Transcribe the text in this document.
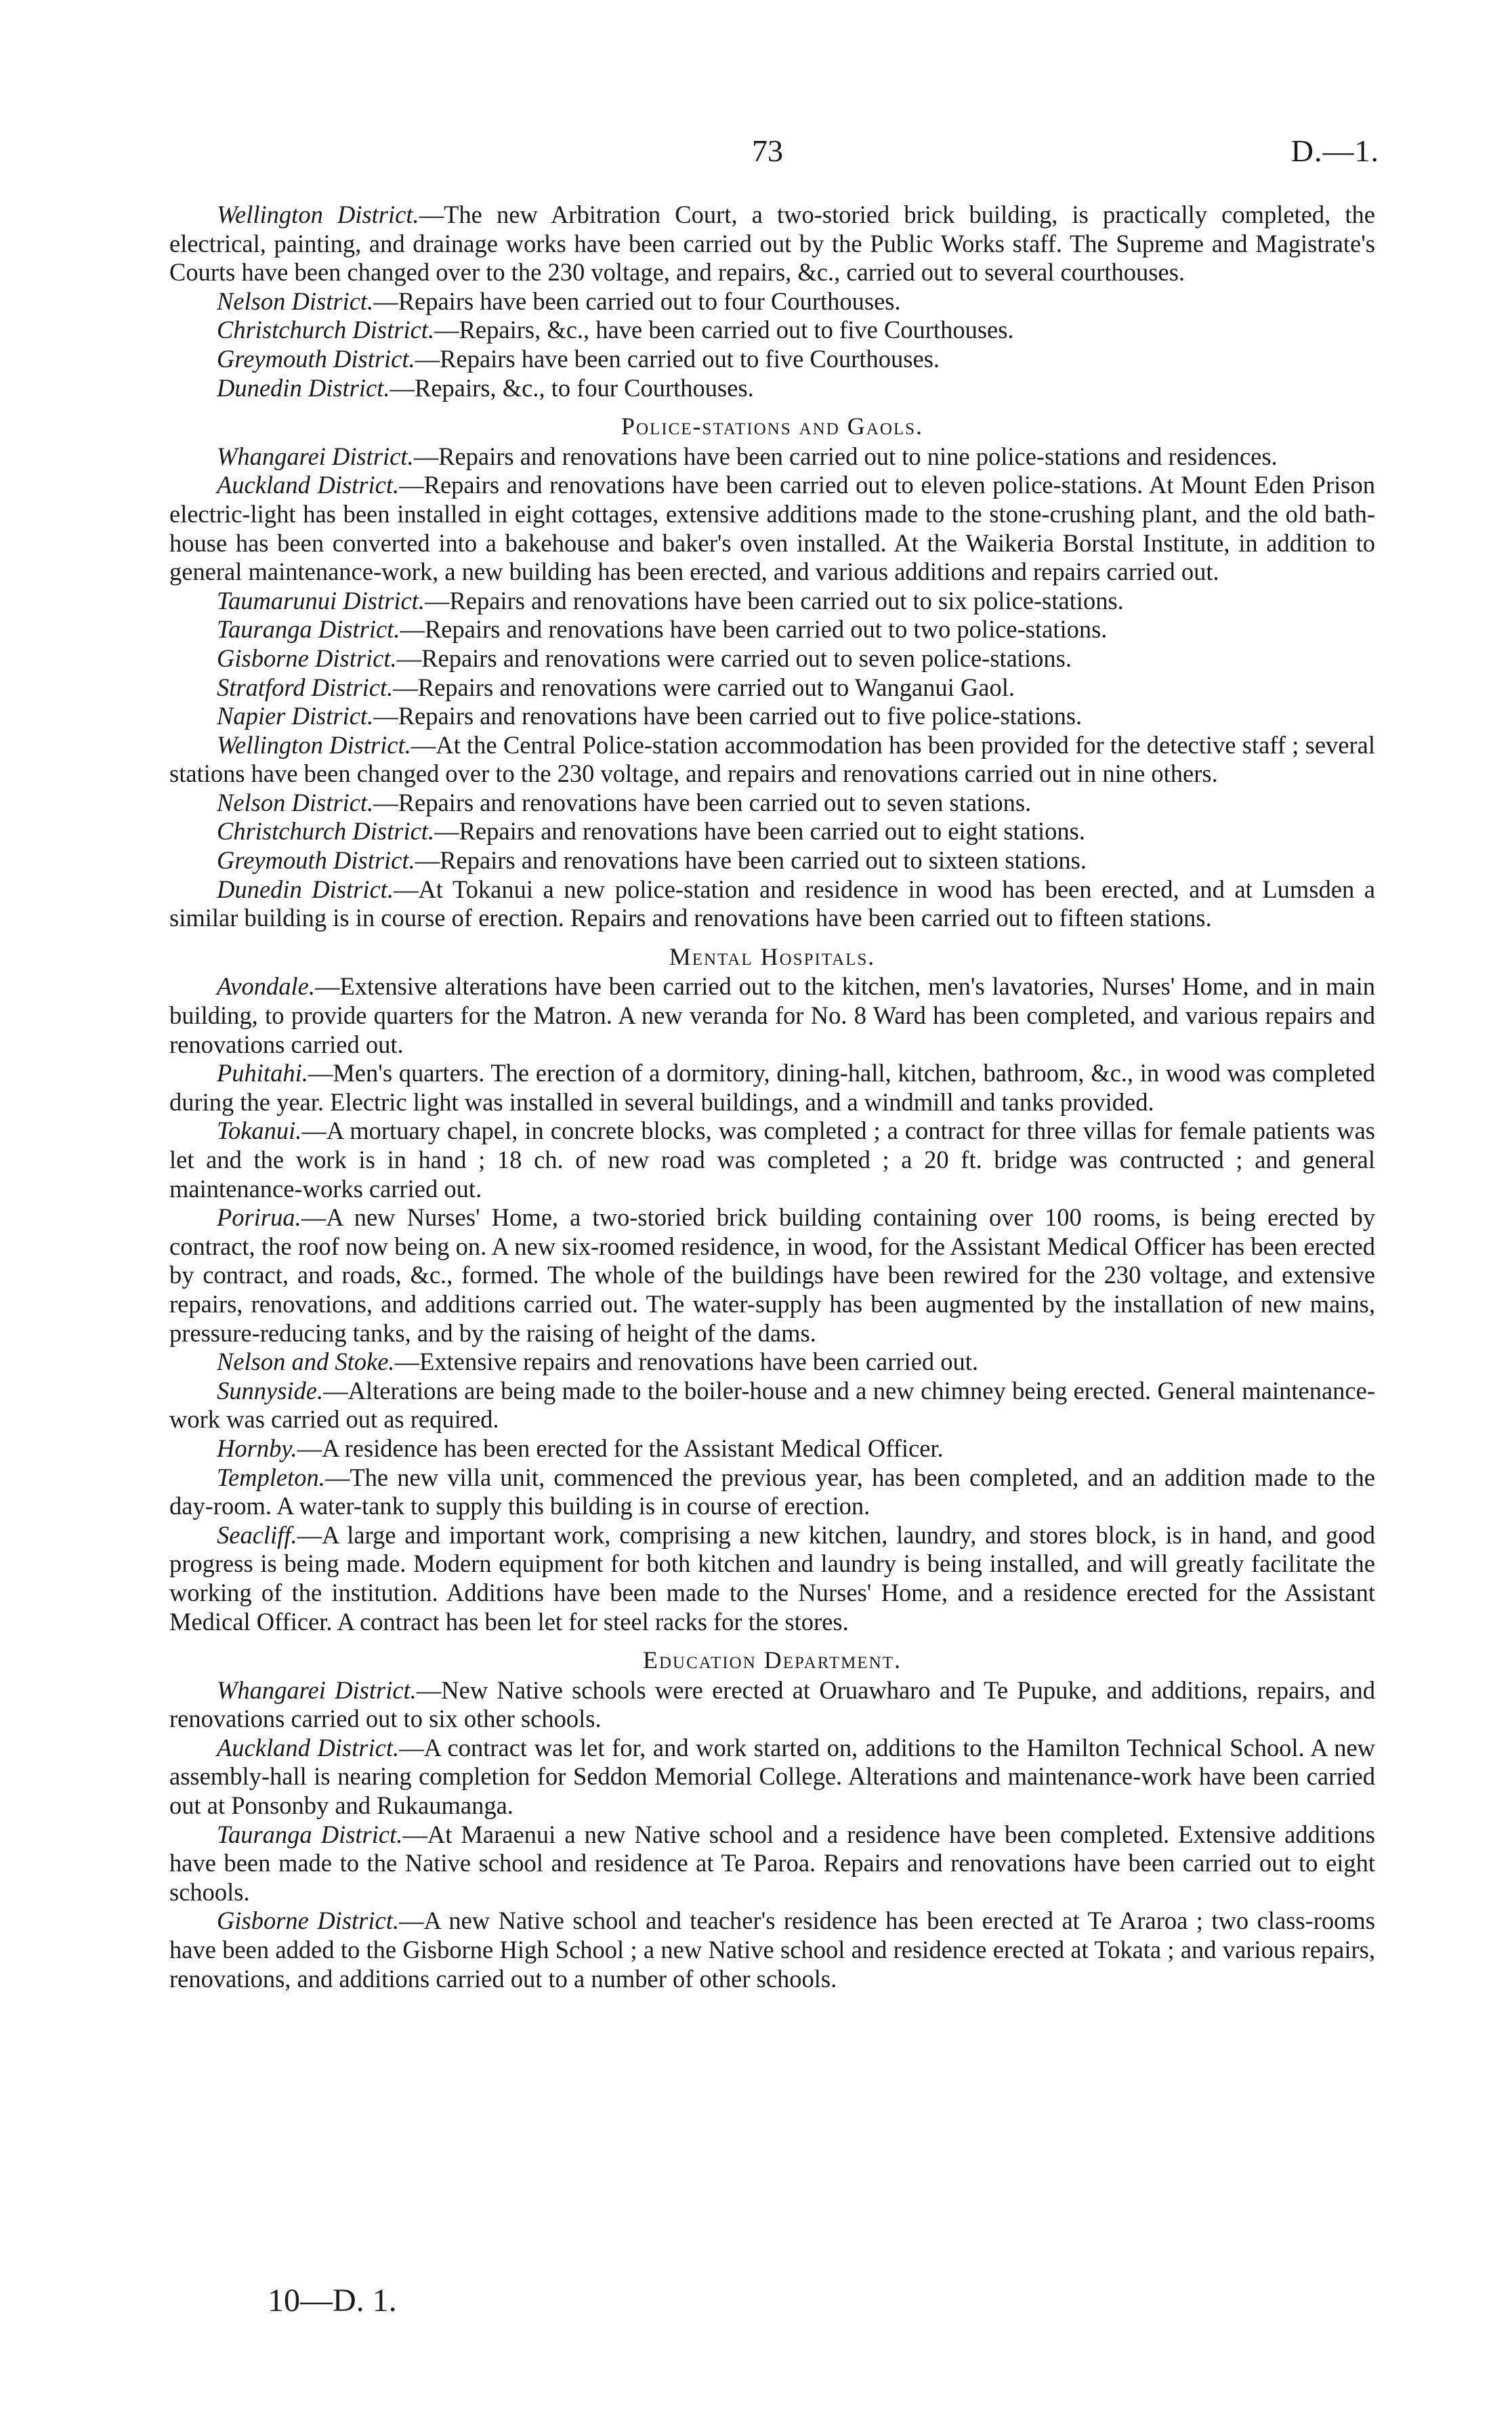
73	D.—1.

Wellington District.—The new Arbitration Court, a two-storied brick building, is practically completed, the electrical, painting, and drainage works have been carried out by the Public Works staff. The Supreme and Magistrate's Courts have been changed over to the 230 voltage, and repairs, &c., carried out to several courthouses.

Nelson District.—Repairs have been carried out to four Courthouses.

Christchurch District.—Repairs, &c., have been carried out to five Courthouses.

Greymouth District.—Repairs have been carried out to five Courthouses.

Dunedin District.—Repairs, &c., to four Courthouses.

Police-stations and Gaols.

Whangarei District.—Repairs and renovations have been carried out to nine police-stations and residences.

Auckland District.—Repairs and renovations have been carried out to eleven police-stations. At Mount Eden Prison electric-light has been installed in eight cottages, extensive additions made to the stone-crushing plant, and the old bath-house has been converted into a bakehouse and baker's oven installed. At the Waikeria Borstal Institute, in addition to general maintenance-work, a new building has been erected, and various additions and repairs carried out.

Taumarunui District.—Repairs and renovations have been carried out to six police-stations.

Tauranga District.—Repairs and renovations have been carried out to two police-stations.

Gisborne District.—Repairs and renovations were carried out to seven police-stations.

Stratford District.—Repairs and renovations were carried out to Wanganui Gaol.

Napier District.—Repairs and renovations have been carried out to five police-stations.

Wellington District.—At the Central Police-station accommodation has been provided for the detective staff ; several stations have been changed over to the 230 voltage, and repairs and renovations carried out in nine others.

Nelson District.—Repairs and renovations have been carried out to seven stations.

Christchurch District.—Repairs and renovations have been carried out to eight stations.

Greymouth District.—Repairs and renovations have been carried out to sixteen stations.

Dunedin District.—At Tokanui a new police-station and residence in wood has been erected, and at Lumsden a similar building is in course of erection. Repairs and renovations have been carried out to fifteen stations.

Mental Hospitals.

Avondale.—Extensive alterations have been carried out to the kitchen, men's lavatories, Nurses' Home, and in main building, to provide quarters for the Matron. A new veranda for No. 8 Ward has been completed, and various repairs and renovations carried out.

Puhitahi.—Men's quarters. The erection of a dormitory, dining-hall, kitchen, bathroom, &c., in wood was completed during the year. Electric light was installed in several buildings, and a windmill and tanks provided.

Tokanui.—A mortuary chapel, in concrete blocks, was completed ; a contract for three villas for female patients was let and the work is in hand ; 18 ch. of new road was completed ; a 20 ft. bridge was contructed ; and general maintenance-works carried out.

Porirua.—A new Nurses' Home, a two-storied brick building containing over 100 rooms, is being erected by contract, the roof now being on. A new six-roomed residence, in wood, for the Assistant Medical Officer has been erected by contract, and roads, &c., formed. The whole of the buildings have been rewired for the 230 voltage, and extensive repairs, renovations, and additions carried out. The water-supply has been augmented by the installation of new mains, pressure-reducing tanks, and by the raising of height of the dams.

Nelson and Stoke.—Extensive repairs and renovations have been carried out.

Sunnyside.—Alterations are being made to the boiler-house and a new chimney being erected. General maintenance-work was carried out as required.

Hornby.—A residence has been erected for the Assistant Medical Officer.

Templeton.—The new villa unit, commenced the previous year, has been completed, and an addition made to the day-room. A water-tank to supply this building is in course of erection.

Seacliff.—A large and important work, comprising a new kitchen, laundry, and stores block, is in hand, and good progress is being made. Modern equipment for both kitchen and laundry is being installed, and will greatly facilitate the working of the institution. Additions have been made to the Nurses' Home, and a residence erected for the Assistant Medical Officer. A contract has been let for steel racks for the stores.

Education Department.

Whangarei District.—New Native schools were erected at Oruawharo and Te Pupuke, and additions, repairs, and renovations carried out to six other schools.

Auckland District.—A contract was let for, and work started on, additions to the Hamilton Technical School. A new assembly-hall is nearing completion for Seddon Memorial College. Alterations and maintenance-work have been carried out at Ponsonby and Rukaumanga.

Tauranga District.—At Maraenui a new Native school and a residence have been completed. Extensive additions have been made to the Native school and residence at Te Paroa. Repairs and renovations have been carried out to eight schools.

Gisborne District.—A new Native school and teacher's residence has been erected at Te Araroa ; two class-rooms have been added to the Gisborne High School ; a new Native school and residence erected at Tokata ; and various repairs, renovations, and additions carried out to a number of other schools.

10—D. 1.
